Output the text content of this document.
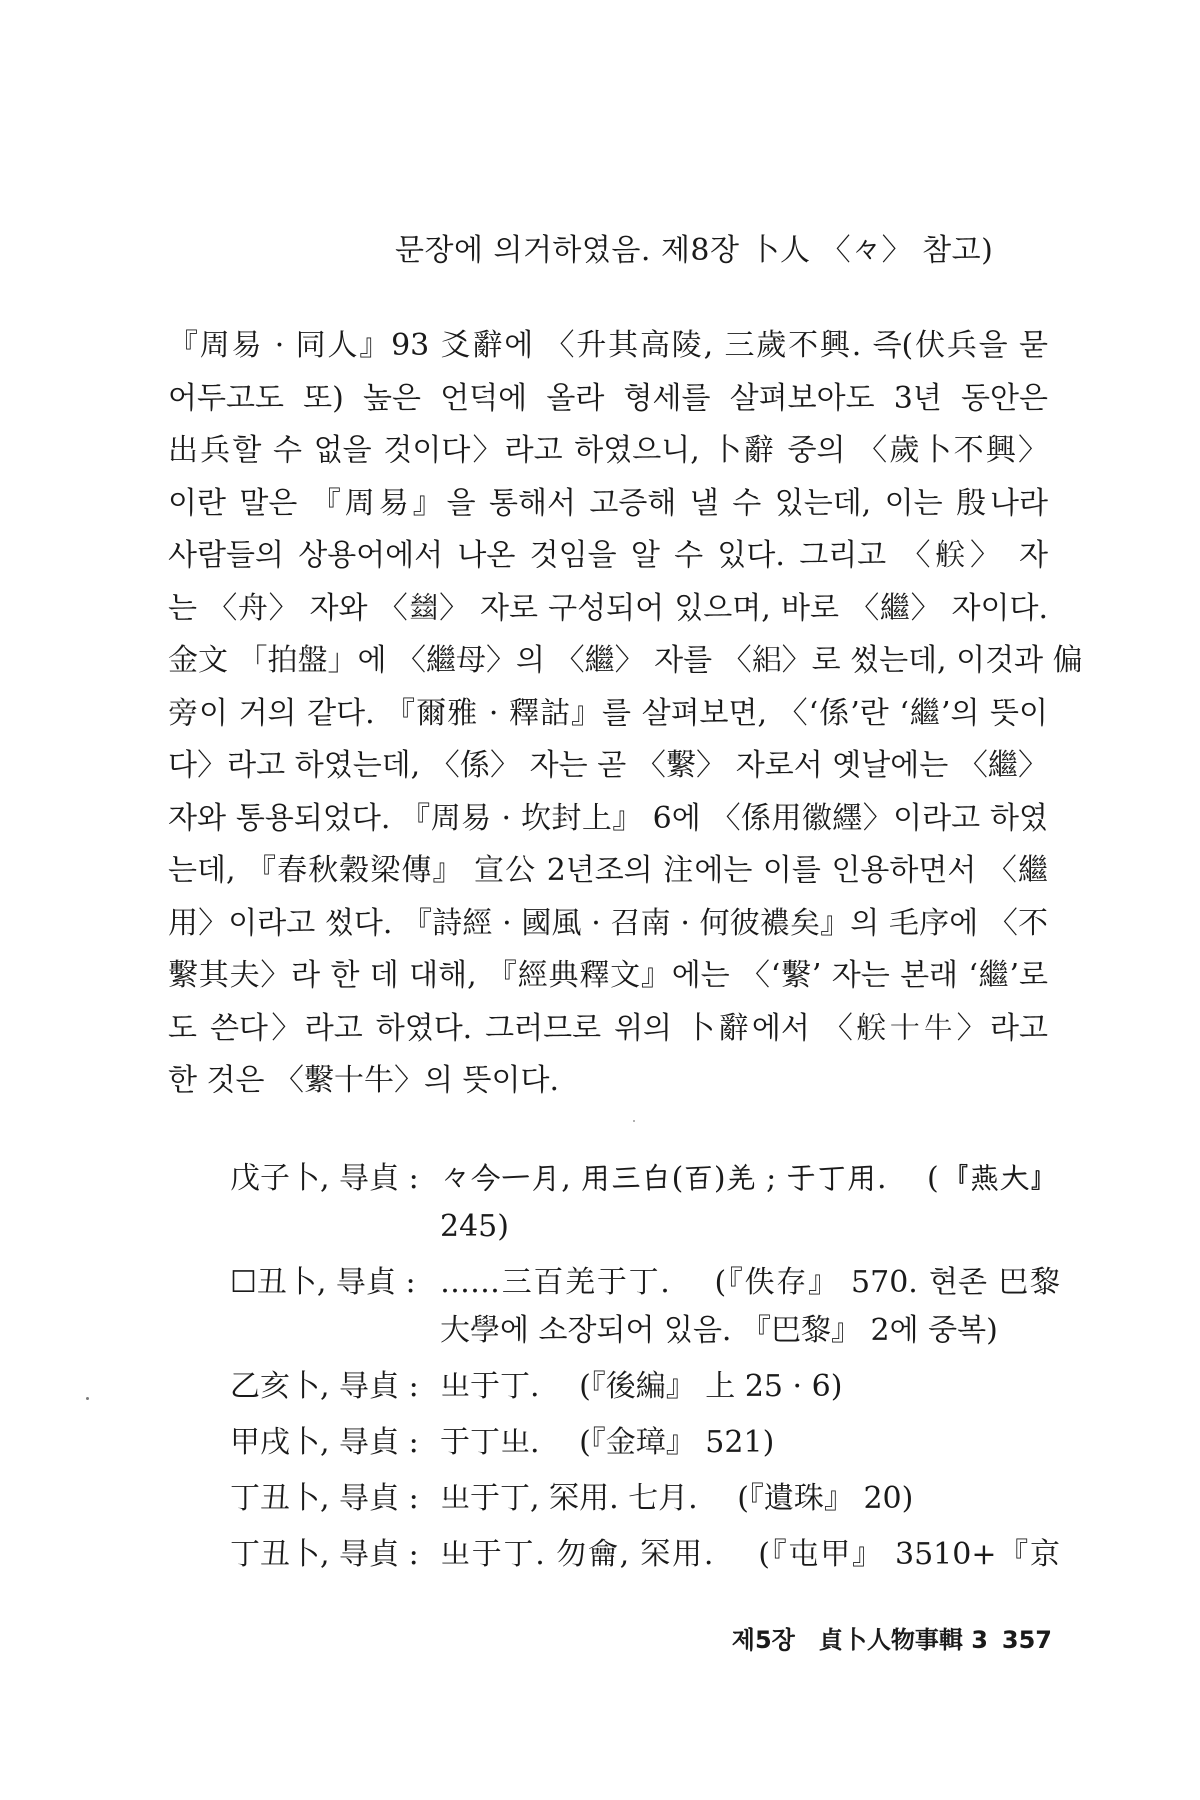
문장에 의거하였음. 제8장 卜人 〈𠚤〉 참고)
『周易 · 同人』93 爻辭에 〈升其高陵, 三歲不興. 즉(伏兵을 묻
어두고도 또) 높은 언덕에 올라 형세를 살펴보아도 3년 동안은
出兵할 수 없을 것이다〉라고 하였으니, 卜辭 중의 〈歲卜不興〉
이란 말은 『周易』을 통해서 고증해 낼 수 있는데, 이는 殷나라
사람들의 상용어에서 나온 것임을 알 수 있다. 그리고 〈𦨶〉 자
는 〈舟〉 자와 〈𢇍〉 자로 구성되어 있으며, 바로 〈繼〉 자이다.
金文 「拍盤」에 〈繼母〉의 〈繼〉 자를 〈𥿓〉로 썼는데, 이것과 偏
旁이 거의 같다. 『爾雅 · 釋詁』를 살펴보면, 〈‘係’란 ‘繼’의 뜻이
다〉라고 하였는데, 〈係〉 자는 곧 〈繫〉 자로서 옛날에는 〈繼〉
자와 통용되었다. 『周易 · 坎封上』 6에 〈係用徽纆〉이라고 하였
는데, 『春秋穀梁傳』 宣公 2년조의 注에는 이를 인용하면서 〈繼
用〉이라고 썼다. 『詩經 · 國風 · 召南 · 何彼襛矣』의 毛序에 〈不
繫其夫〉라 한 데 대해, 『經典釋文』에는 〈‘繫’ 자는 본래 ‘繼’로
도 쓴다〉라고 하였다. 그러므로 위의 卜辭에서 〈𦨶十牛〉라고
한 것은 〈繫十牛〉의 뜻이다.
戊子卜, 㝵貞 : 𠚤今一月, 用三白(百)羌 ; 于丁用.　 (『燕大』
245)
☐丑卜, 㝵貞 : ……三百羌于丁.　 (『佚存』 570. 현존 巴黎
大學에 소장되어 있음. 『巴黎』 2에 중복)
乙亥卜, 㝵貞 : 㞢于丁.　 (『後編』 上 25 · 6)
甲戌卜, 㝵貞 : 于丁㞢.　 (『金璋』 521)
丁丑卜, 㝵貞 : 㞢于丁, 罙用. 七月.　 (『遺珠』 20)
丁丑卜, 㝵貞 : 㞢于丁. 勿龠, 罙用.　 (『屯甲』 3510+『京
제5장　貞卜人物事輯 3 357
